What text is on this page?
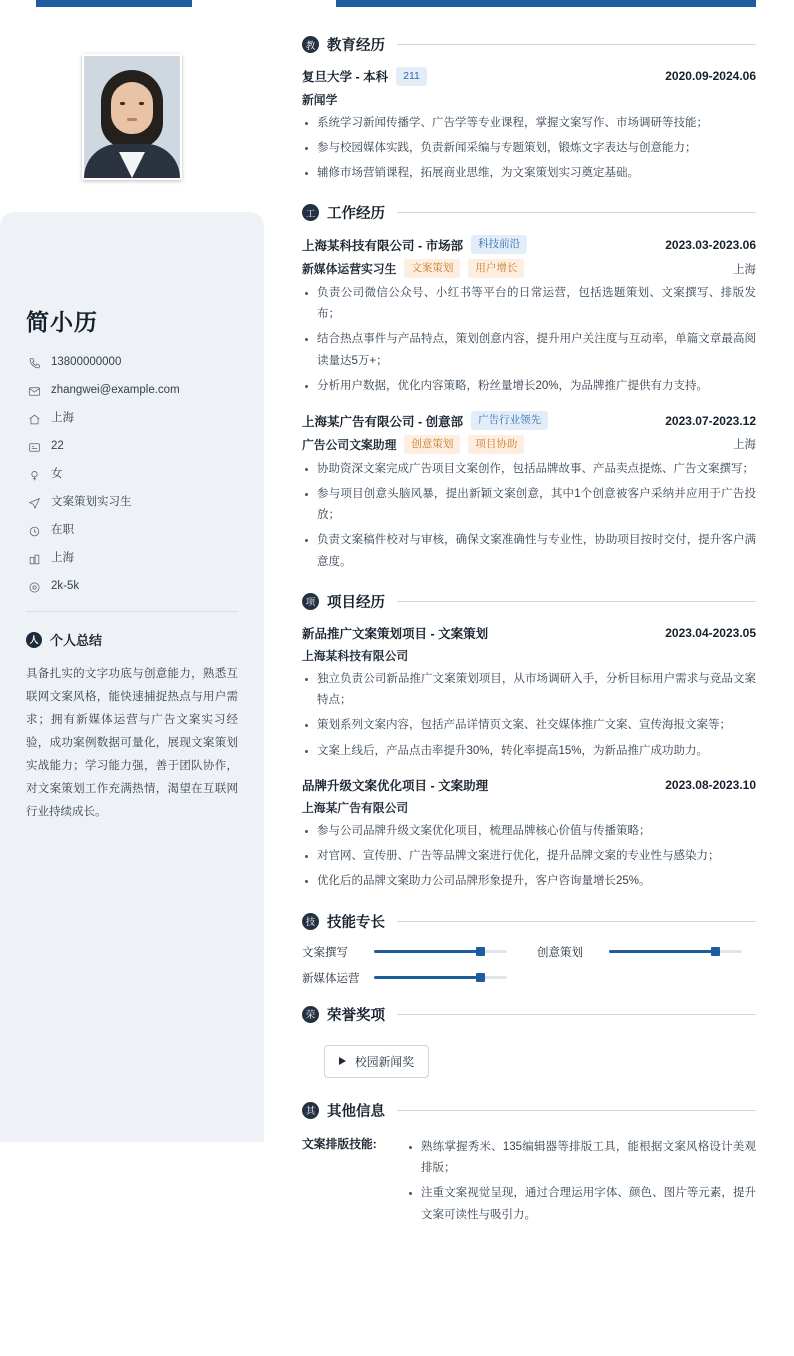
简小历
13800000000
zhangwei@example.com
上海
22
女
文案策划实习生
在职
上海
2k-5k
人 个人总结

具备扎实的文字功底与创意能力，熟悉互联网文案风格，能快速捕捉热点与用户需求；拥有新媒体运营与广告文案实习经验，成功案例数据可量化，展现文案策划实战能力；学习能力强，善于团队协作，对文案策划工作充满热情，渴望在互联网行业持续成长。

教 教育经历
复旦大学 - 本科	211	2020.09-2024.06
新闻学
系统学习新闻传播学、广告学等专业课程，掌握文案写作、市场调研等技能；
参与校园媒体实践，负责新闻采编与专题策划，锻炼文字表达与创意能力；
辅修市场营销课程，拓展商业思维，为文案策划实习奠定基础。
工 工作经历
上海某科技有限公司 - 市场部	科技前沿	2023.03-2023.06
新媒体运营实习生	文案策划	用户增长	上海
负责公司微信公众号、小红书等平台的日常运营，包括选题策划、文案撰写、排版发布；
结合热点事件与产品特点，策划创意内容，提升用户关注度与互动率，单篇文章最高阅读量达5万+；
分析用户数据，优化内容策略，粉丝量增长20%，为品牌推广提供有力支持。
上海某广告有限公司 - 创意部	广告行业领先	2023.07-2023.12
广告公司文案助理	创意策划	项目协助	上海
协助资深文案完成广告项目文案创作，包括品牌故事、产品卖点提炼、广告文案撰写；
参与项目创意头脑风暴，提出新颖文案创意，其中1个创意被客户采纳并应用于广告投放；
负责文案稿件校对与审核，确保文案准确性与专业性，协助项目按时交付，提升客户满意度。
项 项目经历
新品推广文案策划项目 - 文案策划	2023.04-2023.05
上海某科技有限公司
独立负责公司新品推广文案策划项目，从市场调研入手，分析目标用户需求与竞品文案特点；
策划系列文案内容，包括产品详情页文案、社交媒体推广文案、宣传海报文案等；
文案上线后，产品点击率提升30%，转化率提高15%，为新品推广成功助力。
品牌升级文案优化项目 - 文案助理	2023.08-2023.10
上海某广告有限公司
参与公司品牌升级文案优化项目，梳理品牌核心价值与传播策略；
对官网、宣传册、广告等品牌文案进行优化，提升品牌文案的专业性与感染力；
优化后的品牌文案助力公司品牌形象提升，客户咨询量增长25%。
技 技能专长
文案撰写	创意策划
新媒体运营
荣 荣誉奖项
校园新闻奖
其 其他信息
文案排版技能:	熟练掌握秀米、135编辑器等排版工具，能根据文案风格设计美观排版；
注重文案视觉呈现，通过合理运用字体、颜色、图片等元素，提升文案可读性与吸引力。
